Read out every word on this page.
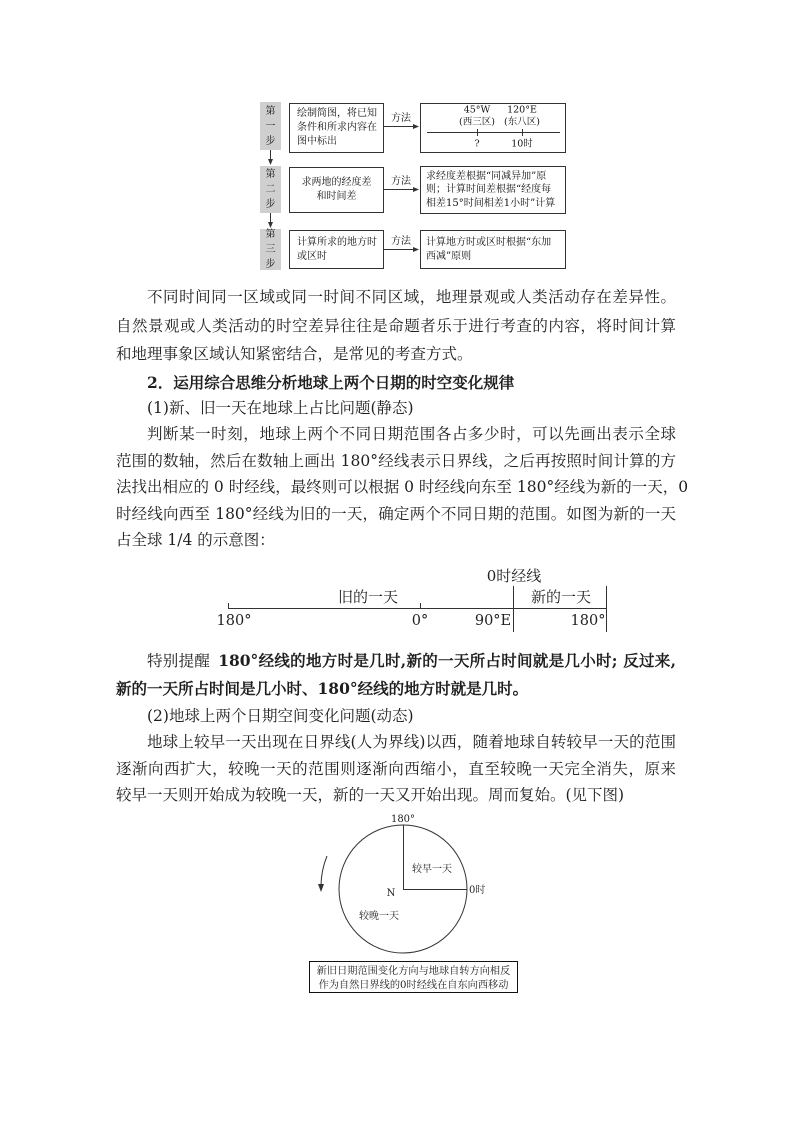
第一步
第二步
第三步
绘制简图，将已知
条件和所求内容在
图中标出
求两地的经度差
和时间差
计算所求的地方时
或区时
方法
方法
方法
求经度差根据“同减异加”原
则；计算时间差根据“经度每
相差15°时间相差1小时”计算
计算地方时或区时根据“东加
西减”原则
45°W 120°E
(西三区) (东八区)
?	10时
不同时间同一区域或同一时间不同区域，地理景观或人类活动存在差异性。
自然景观或人类活动的时空差异往往是命题者乐于进行考查的内容，将时间计算
和地理事象区域认知紧密结合，是常见的考查方式。
2．运用综合思维分析地球上两个日期的时空变化规律
(1)新、旧一天在地球上占比问题(静态)
判断某一时刻，地球上两个不同日期范围各占多少时，可以先画出表示全球
范围的数轴，然后在数轴上画出 180°经线表示日界线，之后再按照时间计算的方
法找出相应的 0 时经线，最终则可以根据 0 时经线向东至 180°经线为新的一天，0
时经线向西至 180°经线为旧的一天，确定两个不同日期的范围。如图为新的一天
占全球 1/4 的示意图：
0时经线
旧的一天	新的一天
180°	0°	90°E	180°
特别提醒 180°经线的地方时是几时,新的一天所占时间就是几小时; 反过来,
新的一天所占时间是几小时、180°经线的地方时就是几时。
(2)地球上两个日期空间变化问题(动态)
地球上较早一天出现在日界线(人为界线)以西，随着地球自转较早一天的范围
逐渐向西扩大，较晚一天的范围则逐渐向西缩小，直至较晚一天完全消失，原来
较早一天则开始成为较晚一天，新的一天又开始出现。周而复始。(见下图)
180°
较早一天
0时
N
较晚一天
新旧日期范围变化方向与地球自转方向相反
作为自然日界线的0时经线在自东向西移动
